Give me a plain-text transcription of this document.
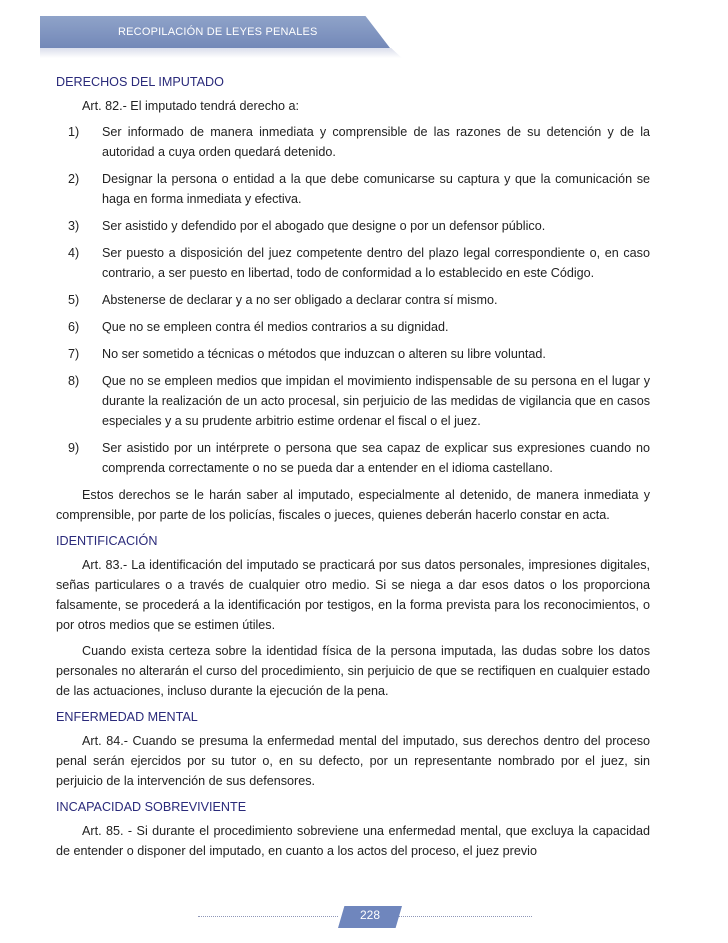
RECOPILACIÓN DE LEYES PENALES
DERECHOS DEL IMPUTADO

Art. 82.- El imputado tendrá derecho a:

1)	Ser informado de manera inmediata y comprensible de las razones de su detención y de la autoridad a cuya orden quedará detenido.
2)	Designar la persona o entidad a la que debe comunicarse su captura y que la comunicación se haga en forma inmediata y efectiva.
3)	Ser asistido y defendido por el abogado que designe o por un defensor público.
4)	Ser puesto a disposición del juez competente dentro del plazo legal correspondiente o, en caso contrario, a ser puesto en libertad, todo de conformidad a lo establecido en este Código.
5)	Abstenerse de declarar y a no ser obligado a declarar contra sí mismo.
6)	Que no se empleen contra él medios contrarios a su dignidad.
7)	No ser sometido a técnicas o métodos que induzcan o alteren su libre voluntad.
8)	Que no se empleen medios que impidan el movimiento indispensable de su persona en el lugar y durante la realización de un acto procesal, sin perjuicio de las medidas de vigilancia que en casos especiales y a su prudente arbitrio estime ordenar el fiscal o el juez.
9)	Ser asistido por un intérprete o persona que sea capaz de explicar sus expresiones cuando no comprenda correctamente o no se pueda dar a entender en el idioma castellano.

Estos derechos se le harán saber al imputado, especialmente al detenido, de manera inmediata y comprensible, por parte de los policías, fiscales o jueces, quienes deberán hacerlo constar en acta.

IDENTIFICACIÓN

Art. 83.- La identificación del imputado se practicará por sus datos personales, impresiones digitales, señas particulares o a través de cualquier otro medio. Si se niega a dar esos datos o los proporciona falsamente, se procederá a la identificación por testigos, en la forma prevista para los reconocimientos, o por otros medios que se estimen útiles.

Cuando exista certeza sobre la identidad física de la persona imputada, las dudas sobre los datos personales no alterarán el curso del procedimiento, sin perjuicio de que se rectifiquen en cualquier estado de las actuaciones, incluso durante la ejecución de la pena.

ENFERMEDAD MENTAL

Art. 84.- Cuando se presuma la enfermedad mental del imputado, sus derechos dentro del proceso penal serán ejercidos por su tutor o, en su defecto, por un representante nombrado por el juez, sin perjuicio de la intervención de sus defensores.

INCAPACIDAD SOBREVIVIENTE

Art. 85. - Si durante el procedimiento sobreviene una enfermedad mental, que excluya la capacidad de entender o disponer del imputado, en cuanto a los actos del proceso, el juez previo

228
